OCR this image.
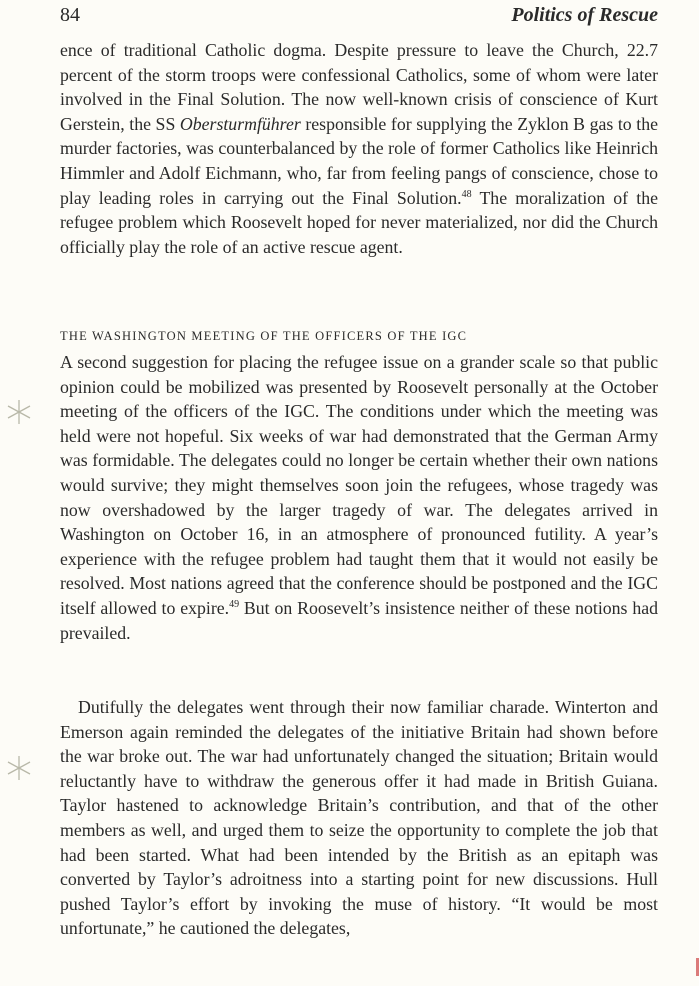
84	Politics of Rescue

ence of traditional Catholic dogma. Despite pressure to leave the Church, 22.7 percent of the storm troops were confessional Catholics, some of whom were later involved in the Final Solution. The now well-known crisis of conscience of Kurt Gerstein, the SS Obersturmführer responsible for supplying the Zyklon B gas to the murder factories, was counterbalanced by the role of former Catholics like Heinrich Himmler and Adolf Eichmann, who, far from feeling pangs of conscience, chose to play leading roles in carrying out the Final Solution.$^{48}$ The moralization of the refugee problem which Roosevelt hoped for never materialized, nor did the Church officially play the role of an active rescue agent.

THE WASHINGTON MEETING OF THE OFFICERS OF THE IGC

A second suggestion for placing the refugee issue on a grander scale so that public opinion could be mobilized was presented by Roosevelt personally at the October meeting of the officers of the IGC. The conditions under which the meeting was held were not hopeful. Six weeks of war had demonstrated that the German Army was formidable. The delegates could no longer be certain whether their own nations would survive; they might themselves soon join the refugees, whose tragedy was now overshadowed by the larger tragedy of war. The delegates arrived in Washington on October 16, in an atmosphere of pronounced futility. A year’s experience with the refugee problem had taught them that it would not easily be resolved. Most nations agreed that the conference should be postponed and the IGC itself allowed to expire.$^{49}$ But on Roosevelt’s insistence neither of these notions had prevailed.

Dutifully the delegates went through their now familiar charade. Winterton and Emerson again reminded the delegates of the initiative Britain had shown before the war broke out. The war had unfortunately changed the situation; Britain would reluctantly have to withdraw the generous offer it had made in British Guiana. Taylor hastened to acknowledge Britain’s contribution, and that of the other members as well, and urged them to seize the opportunity to complete the job that had been started. What had been intended by the British as an epitaph was converted by Taylor’s adroitness into a starting point for new discussions. Hull pushed Taylor’s effort by invoking the muse of history. “It would be most unfortunate,” he cautioned the delegates,
